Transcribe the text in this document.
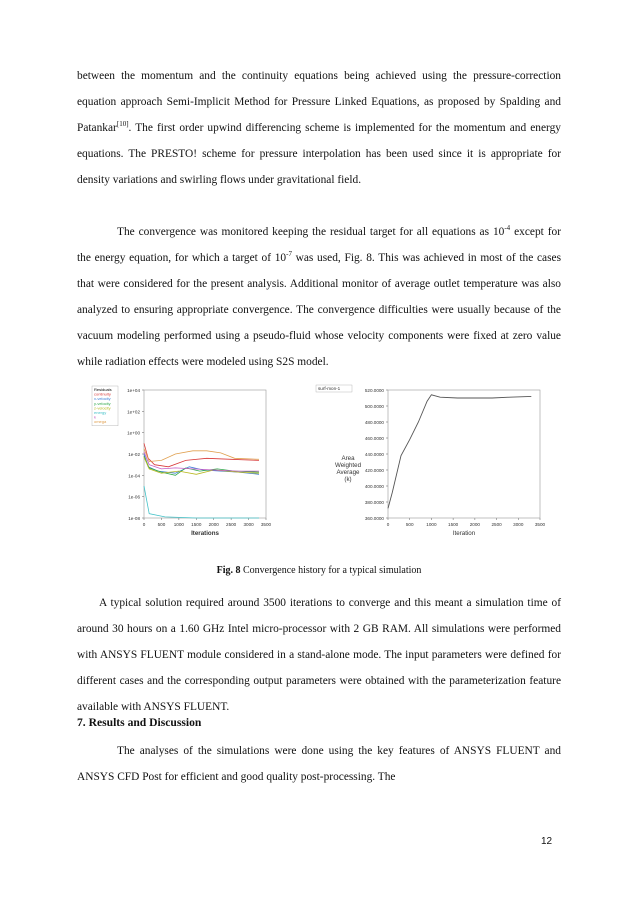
between the momentum and the continuity equations being achieved using the pressure-correction equation approach Semi-Implicit Method for Pressure Linked Equations, as proposed by Spalding and Patankar[10]. The first order upwind differencing scheme is implemented for the momentum and energy equations. The PRESTO! scheme for pressure interpolation has been used since it is appropriate for density variations and swirling flows under gravitational field.

The convergence was monitored keeping the residual target for all equations as $10^{-4}$ except for the energy equation, for which a target of $10^{-7}$ was used, Fig. 8. This was achieved in most of the cases that were considered for the present analysis. Additional monitor of average outlet temperature was also analyzed to ensuring appropriate convergence. The convergence difficulties were usually because of the vacuum modeling performed using a pseudo-fluid whose velocity components were fixed at zero value while radiation effects were modeled using S2S model.

1e-08
1e-06
1e-04
1e-02
1e+00
1e+02
1e+04
0	500 1000 1500 2000 2500 3000 3500
Iterations
Residuals
continuity
x-velocity
y-velocity
z-velocity
energy
k
omega
360.0000
380.0000
400.0000
420.0000
440.0000
460.0000
480.0000
500.0000
520.0000
0	500	1000 1500 2000 2500 3000 3500
Iteration
Area
Weighted
Average
(k)
surf-mon-1
Fig. 8 Convergence history for a typical simulation

A typical solution required around 3500 iterations to converge and this meant a simulation time of around 30 hours on a 1.60 GHz Intel micro-processor with 2 GB RAM. All simulations were performed with ANSYS FLUENT module considered in a stand-alone mode. The input parameters were defined for different cases and the corresponding output parameters were obtained with the parameterization feature available with ANSYS FLUENT.

7. Results and Discussion

The analyses of the simulations were done using the key features of ANSYS FLUENT and ANSYS CFD Post for efficient and good quality post-processing. The

12
